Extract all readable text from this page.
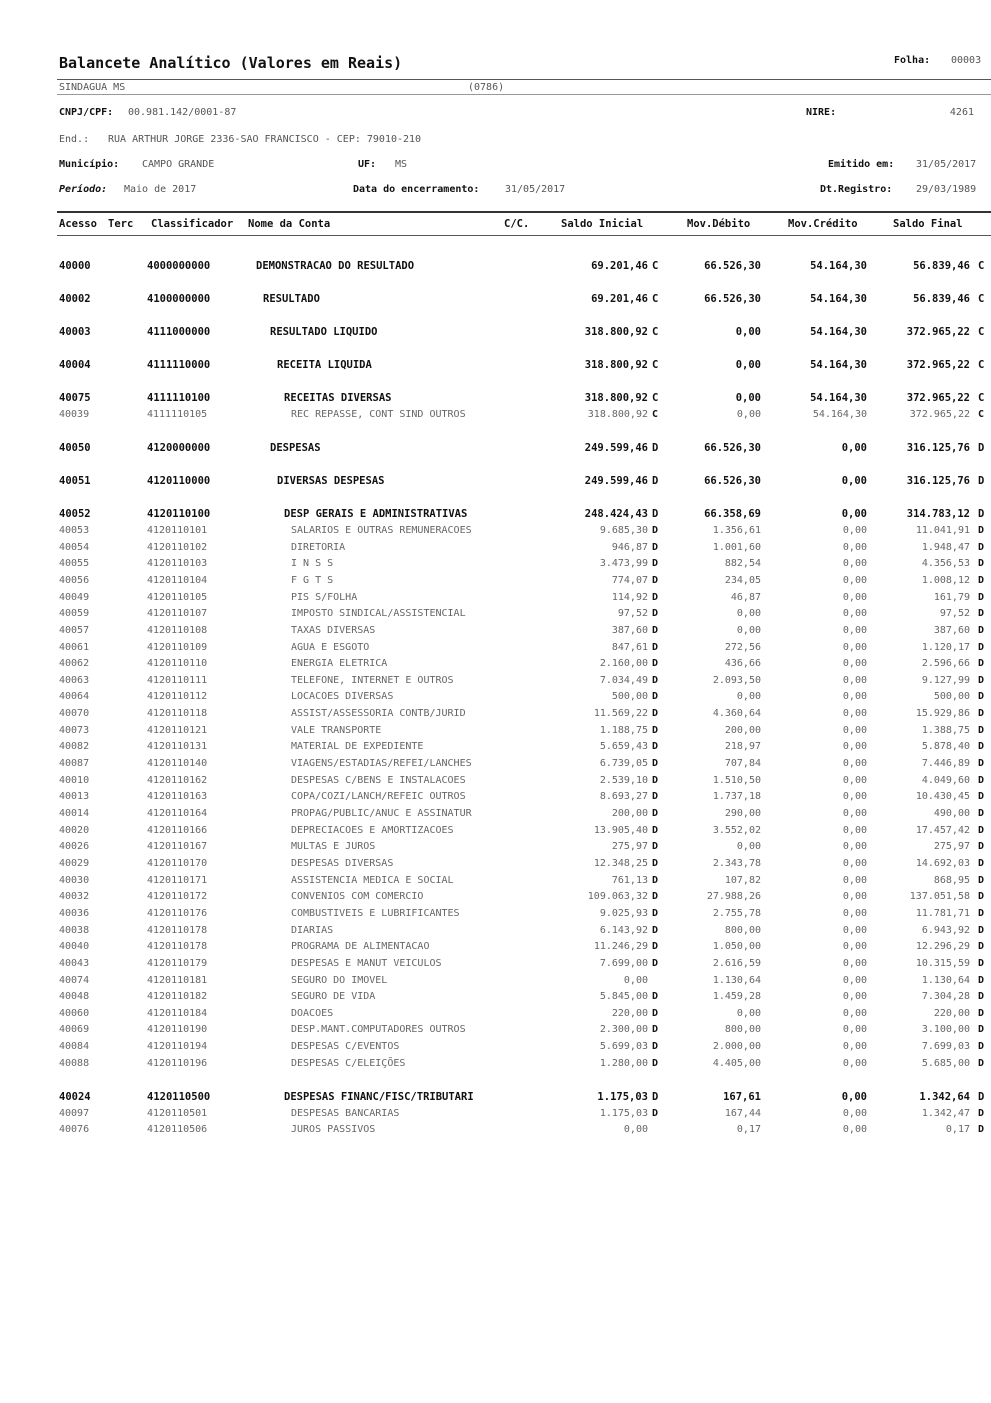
Balancete Analítico (Valores em Reais)	Folha: 00003
SINDAGUA MS	(0786)
CNPJ/CPF: 00.981.142/0001-87	NIRE:	4261
End.: RUA ARTHUR JORGE 2336-SAO FRANCISCO - CEP: 79010-210
Município: CAMPO GRANDE	UF: MS	Emitido em: 31/05/2017
Período: Maio de 2017	Data do encerramento:	31/05/2017	Dt.Registro: 29/03/1989
Acesso Terc Classificador Nome da Conta	C/C.	Saldo Inicial	Mov.Débito	Mov.Crédito	Saldo Final
40000	4000000000	DEMONSTRACAO DO RESULTADO	69.201,46 C	66.526,30	54.164,30	56.839,46 C
40002	4100000000	RESULTADO	69.201,46 C	66.526,30	54.164,30	56.839,46 C
40003	4111000000	RESULTADO LIQUIDO	318.800,92 C	0,00	54.164,30	372.965,22 C
40004	4111110000	RECEITA LIQUIDA	318.800,92 C	0,00	54.164,30	372.965,22 C
40075	4111110100	RECEITAS DIVERSAS	318.800,92 C	0,00	54.164,30	372.965,22 C
40039	4111110105	REC REPASSE, CONT SIND OUTROS	318.800,92 C	0,00	54.164,30	372.965,22 C
40050	4120000000	DESPESAS	249.599,46 D	66.526,30	0,00	316.125,76 D
40051	4120110000	DIVERSAS DESPESAS	249.599,46 D	66.526,30	0,00	316.125,76 D
40052	4120110100	DESP GERAIS E ADMINISTRATIVAS	248.424,43 D	66.358,69	0,00	314.783,12 D
40053	4120110101	SALARIOS E OUTRAS REMUNERACOES	9.685,30 D	1.356,61	0,00	11.041,91 D
40054	4120110102	DIRETORIA	946,87 D	1.001,60	0,00	1.948,47 D
40055	4120110103	I N S S	3.473,99 D	882,54	0,00	4.356,53 D
40056	4120110104	F G T S	774,07 D	234,05	0,00	1.008,12 D
40049	4120110105	PIS S/FOLHA	114,92 D	46,87	0,00	161,79 D
40059	4120110107	IMPOSTO SINDICAL/ASSISTENCIAL	97,52 D	0,00	0,00	97,52 D
40057	4120110108	TAXAS DIVERSAS	387,60 D	0,00	0,00	387,60 D
40061	4120110109	AGUA E ESGOTO	847,61 D	272,56	0,00	1.120,17 D
40062	4120110110	ENERGIA ELETRICA	2.160,00 D	436,66	0,00	2.596,66 D
40063	4120110111	TELEFONE, INTERNET E OUTROS	7.034,49 D	2.093,50	0,00	9.127,99 D
40064	4120110112	LOCACOES DIVERSAS	500,00 D	0,00	0,00	500,00 D
40070	4120110118	ASSIST/ASSESSORIA CONTB/JURID	11.569,22 D	4.360,64	0,00	15.929,86 D
40073	4120110121	VALE TRANSPORTE	1.188,75 D	200,00	0,00	1.388,75 D
40082	4120110131	MATERIAL DE EXPEDIENTE	5.659,43 D	218,97	0,00	5.878,40 D
40087	4120110140	VIAGENS/ESTADIAS/REFEI/LANCHES	6.739,05 D	707,84	0,00	7.446,89 D
40010	4120110162	DESPESAS C/BENS E INSTALACOES	2.539,10 D	1.510,50	0,00	4.049,60 D
40013	4120110163	COPA/COZI/LANCH/REFEIC OUTROS	8.693,27 D	1.737,18	0,00	10.430,45 D
40014	4120110164	PROPAG/PUBLIC/ANUC E ASSINATUR	200,00 D	290,00	0,00	490,00 D
40020	4120110166	DEPRECIACOES E AMORTIZACOES	13.905,40 D	3.552,02	0,00	17.457,42 D
40026	4120110167	MULTAS E JUROS	275,97 D	0,00	0,00	275,97 D
40029	4120110170	DESPESAS DIVERSAS	12.348,25 D	2.343,78	0,00	14.692,03 D
40030	4120110171	ASSISTENCIA MEDICA E SOCIAL	761,13 D	107,82	0,00	868,95 D
40032	4120110172	CONVENIOS COM COMERCIO	109.063,32 D	27.988,26	0,00	137.051,58 D
40036	4120110176	COMBUSTIVEIS E LUBRIFICANTES	9.025,93 D	2.755,78	0,00	11.781,71 D
40038	4120110178	DIARIAS	6.143,92 D	800,00	0,00	6.943,92 D
40040	4120110178	PROGRAMA DE ALIMENTACAO	11.246,29 D	1.050,00	0,00	12.296,29 D
40043	4120110179	DESPESAS E MANUT VEICULOS	7.699,00 D	2.616,59	0,00	10.315,59 D
40074	4120110181	SEGURO DO IMOVEL	0,00	1.130,64	0,00	1.130,64 D
40048	4120110182	SEGURO DE VIDA	5.845,00 D	1.459,28	0,00	7.304,28 D
40060	4120110184	DOACOES	220,00 D	0,00	0,00	220,00 D
40069	4120110190	DESP.MANT.COMPUTADORES OUTROS	2.300,00 D	800,00	0,00	3.100,00 D
40084	4120110194	DESPESAS C/EVENTOS	5.699,03 D	2.000,00	0,00	7.699,03 D
40088	4120110196	DESPESAS C/ELEIÇÕES	1.280,00 D	4.405,00	0,00	5.685,00 D
40024	4120110500	DESPESAS FINANC/FISC/TRIBUTARI	1.175,03 D	167,61	0,00	1.342,64 D
40097	4120110501	DESPESAS BANCARIAS	1.175,03 D	167,44	0,00	1.342,47 D
40076	4120110506	JUROS PASSIVOS	0,00	0,17	0,00	0,17 D
